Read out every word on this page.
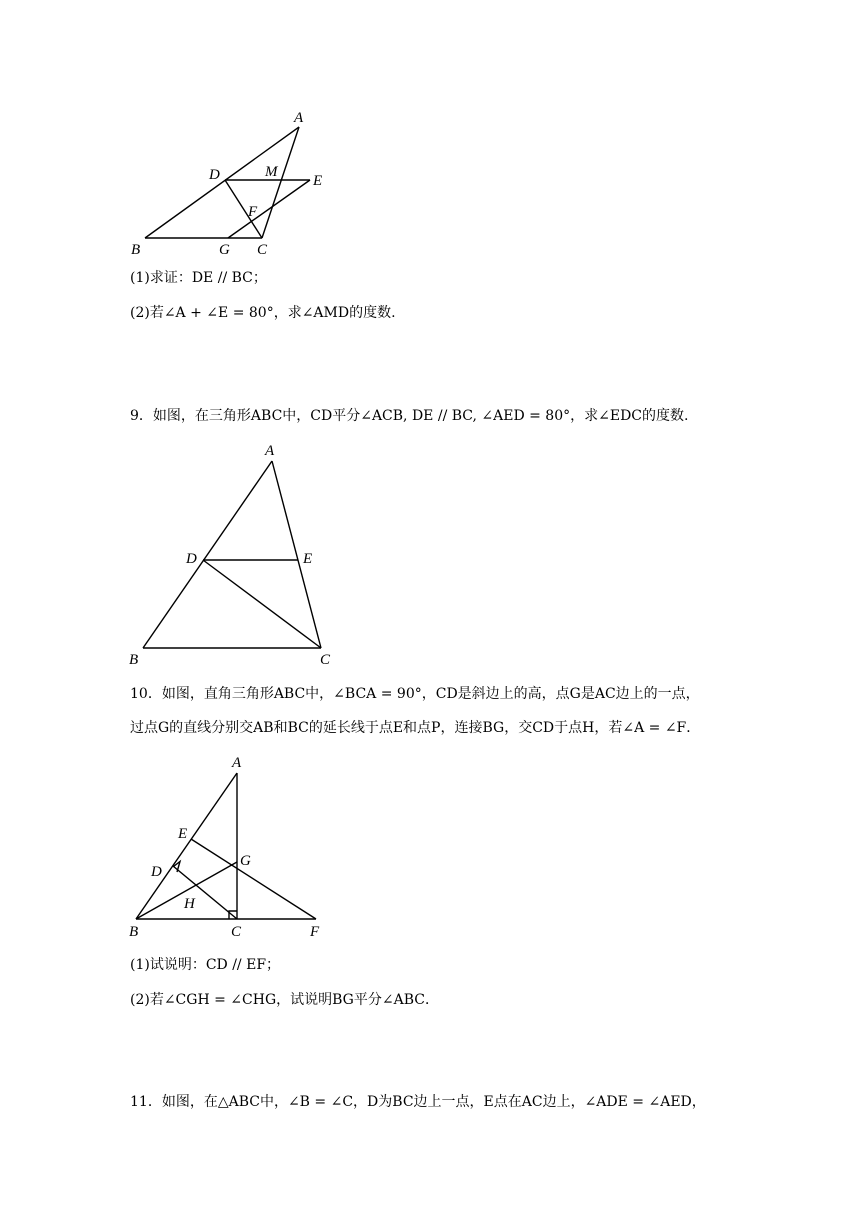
A
D	M
E
F
B	G C
(1)求证：DE // BC；
(2)若∠A + ∠E = 80°，求∠AMD的度数.
9．如图，在三角形ABC中，CD平分∠ACB, DE // BC, ∠AED = 80°，求∠EDC的度数.
A
D	E
B	C
10．如图，直角三角形ABC中，∠BCA = 90°，CD是斜边上的高，点G是AC边上的一点，
过点G的直线分别交AB和BC的延长线于点E和点P，连接BG，交CD于点H，若∠A = ∠F．
A
E
G
D
H
B	C	F
(1)试说明：CD // EF；
(2)若∠CGH = ∠CHG，试说明BG平分∠ABC．
11．如图，在△ABC中，∠B = ∠C，D为BC边上一点，E点在AC边上，∠ADE = ∠AED，
